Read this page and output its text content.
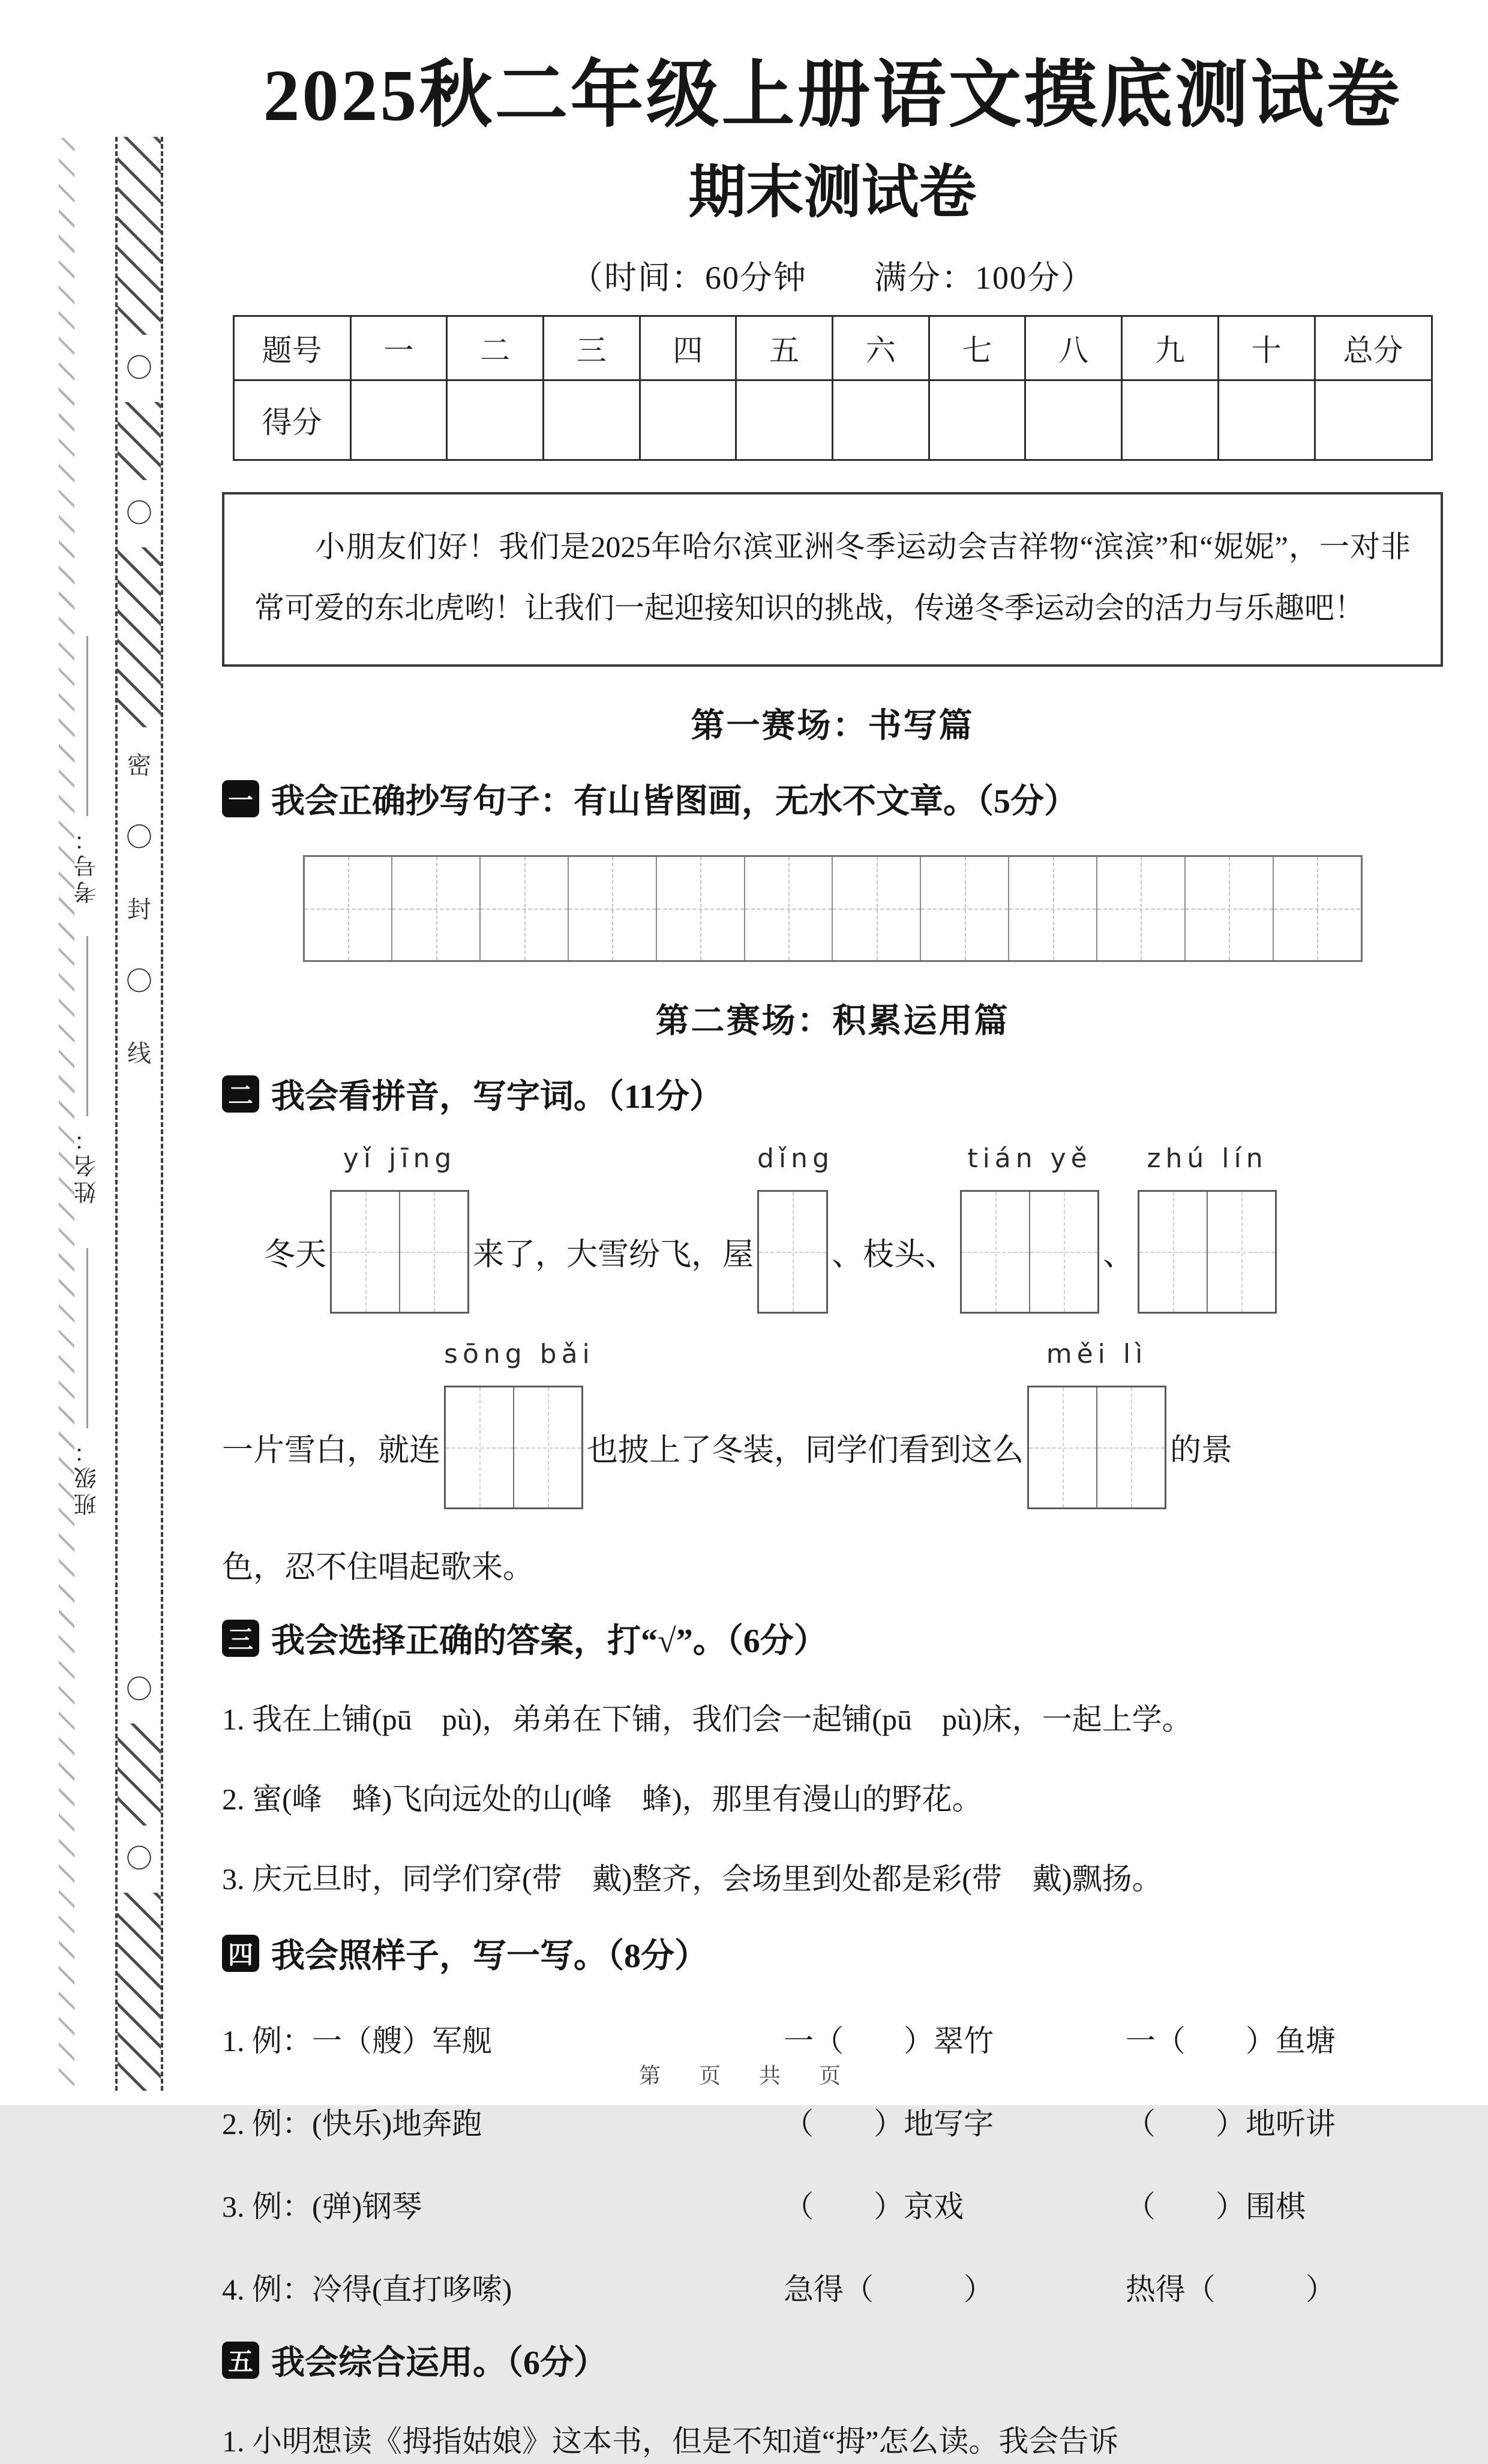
考号：
姓名：
班级：
〇
〇
密
〇
封
〇
线
〇
〇
2025秋二年级上册语文摸底测试卷
期末测试卷
（时间：60分钟　　满分：100分）
题号	一	二	三	四	五	六	七	八	九	十	总分
得分											
小朋友们好！我们是2025年哈尔滨亚洲冬季运动会吉祥物“滨滨”和“妮妮”，一对非常可爱的东北虎哟！让我们一起迎接知识的挑战，传递冬季运动会的活力与乐趣吧！
第一赛场：书写篇
一 我会正确抄写句子：有山皆图画，无水不文章。（5分）
第二赛场：积累运用篇
二 我会看拼音，写字词。（11分）
冬天
yǐ jīng
来了，大雪纷飞，屋
dǐng
、枝头、
tián yě
、
zhú lín
一片雪白，就连
sōng bǎi
也披上了冬装，同学们看到这么
měi lì
的景
色，忍不住唱起歌来。
三 我会选择正确的答案，打“√”。（6分）
1. 我在上铺(pū　pù)，弟弟在下铺，我们会一起铺(pū　pù)床，一起上学。
2. 蜜(峰　蜂)飞向远处的山(峰　蜂)，那里有漫山的野花。
3. 庆元旦时，同学们穿(带　戴)整齐，会场里到处都是彩(带　戴)飘扬。
四 我会照样子，写一写。（8分）
1. 例：一（艘）军舰	一（　　）翠竹	一（　　）鱼塘
2. 例：(快乐)地奔跑	（　　）地写字	（　　）地听讲
3. 例：(弹)钢琴	（　　）京戏	（　　）围棋
4. 例：冷得(直打哆嗦)	急得（　　　）	热得（　　　）
五 我会综合运用。（6分）
1. 小明想读《拇指姑娘》这本书，但是不知道“拇”怎么读。我会告诉
第　页　共　页
